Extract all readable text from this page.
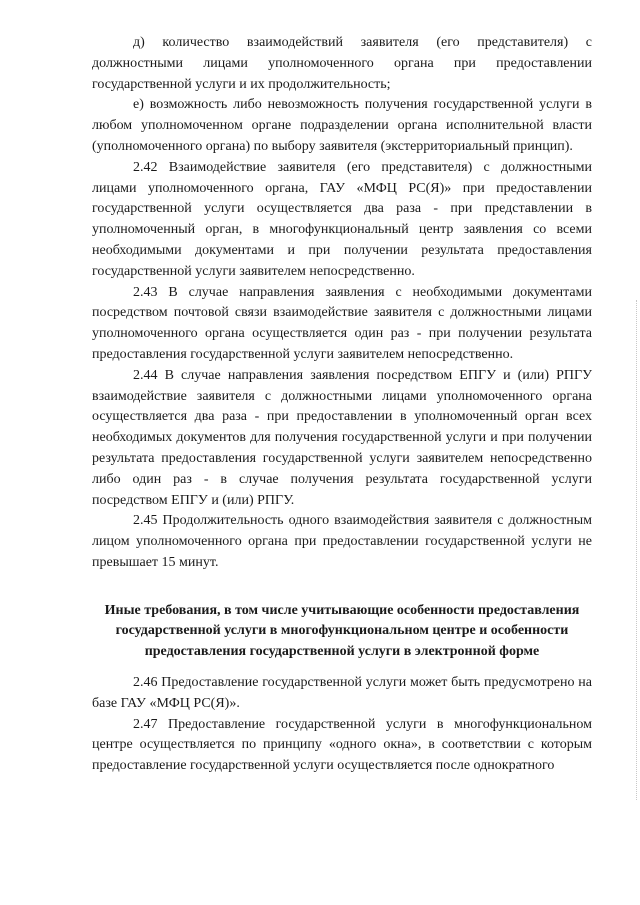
д) количество взаимодействий заявителя (его представителя) с должностными лицами уполномоченного органа при предоставлении государственной услуги и их продолжительность;

е) возможность либо невозможность получения государственной услуги в любом уполномоченном органе подразделении органа исполнительной власти (уполномоченного органа) по выбору заявителя (экстерриториальный принцип).

2.42 Взаимодействие заявителя (его представителя) с должностными лицами уполномоченного органа, ГАУ «МФЦ РС(Я)» при предоставлении государственной услуги осуществляется два раза - при представлении в уполномоченный орган, в многофункциональный центр заявления со всеми необходимыми документами и при получении результата предоставления государственной услуги заявителем непосредственно.

2.43 В случае направления заявления с необходимыми документами посредством почтовой связи взаимодействие заявителя с должностными лицами уполномоченного органа осуществляется один раз - при получении результата предоставления государственной услуги заявителем непосредственно.

2.44 В случае направления заявления посредством ЕПГУ и (или) РПГУ взаимодействие заявителя с должностными лицами уполномоченного органа осуществляется два раза - при предоставлении в уполномоченный орган всех необходимых документов для получения государственной услуги и при получении результата предоставления государственной услуги заявителем непосредственно либо один раз - в случае получения результата государственной услуги посредством ЕПГУ и (или) РПГУ.

2.45 Продолжительность одного взаимодействия заявителя с должностным лицом уполномоченного органа при предоставлении государственной услуги не превышает 15 минут.

Иные требования, в том числе учитывающие особенности предоставления государственной услуги в многофункциональном центре и особенности предоставления государственной услуги в электронной форме

2.46 Предоставление государственной услуги может быть предусмотрено на базе ГАУ «МФЦ РС(Я)».

2.47 Предоставление государственной услуги в многофункциональном центре осуществляется по принципу «одного окна», в соответствии с которым предоставление государственной услуги осуществляется после однократного
